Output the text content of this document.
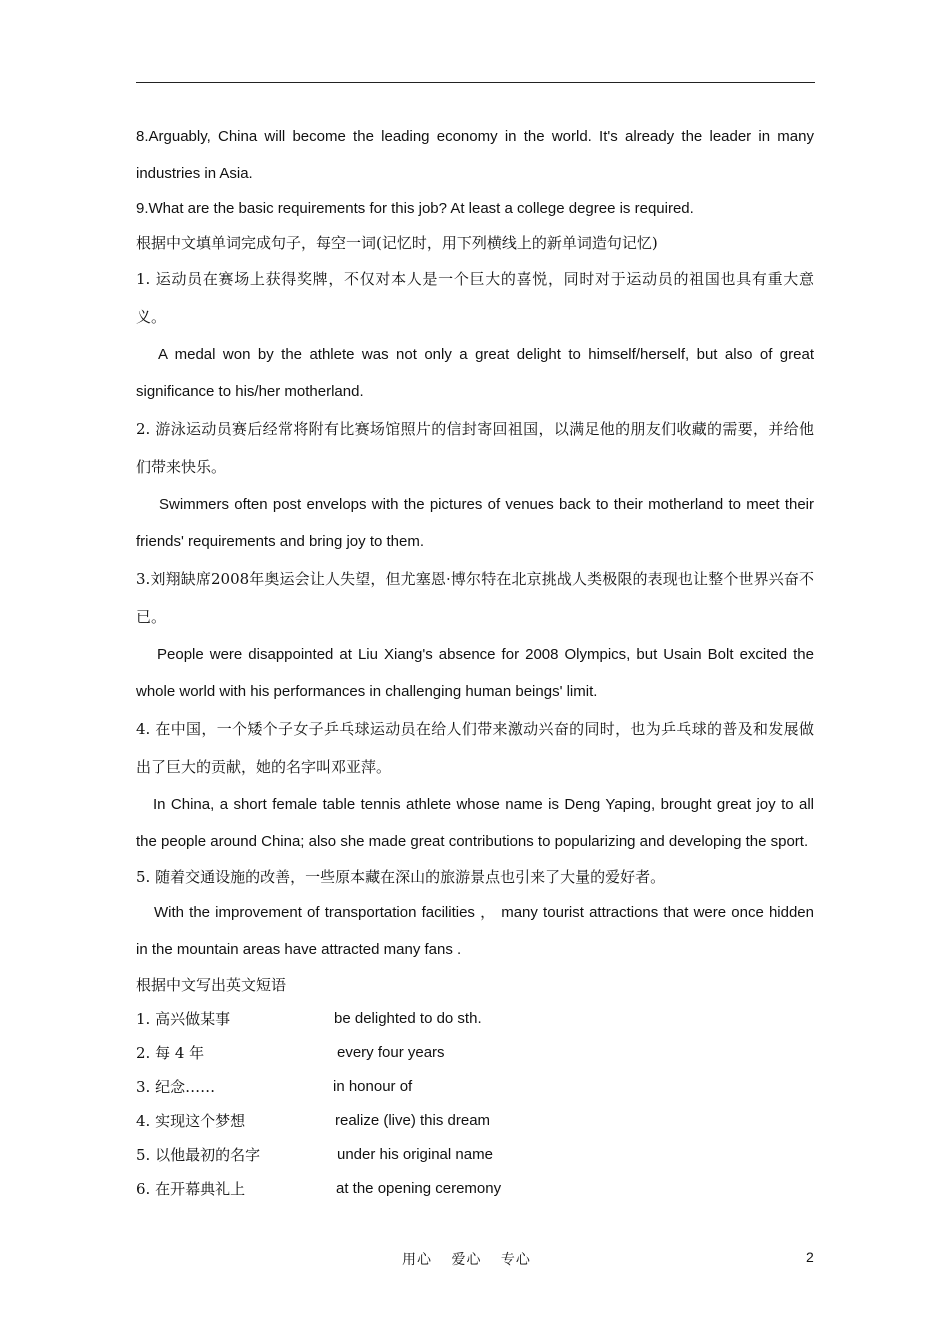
8.Arguably, China will become the leading economy in the world. It's already the leader in many industries in Asia.

9.What are the basic requirements for this job? At least a college degree is required.

根据中文填单词完成句子，每空一词(记忆时，用下列横线上的新单词造句记忆)

1. 运动员在赛场上获得奖牌，不仅对本人是一个巨大的喜悦，同时对于运动员的祖国也具有重大意义。

A medal won by the athlete was not only a great delight to himself/herself, but also of great significance to his/her motherland.

2. 游泳运动员赛后经常将附有比赛场馆照片的信封寄回祖国，以满足他的朋友们收藏的需要，并给他们带来快乐。

Swimmers often post envelops with the pictures of venues back to their motherland to meet their friends' requirements and bring joy to them.

3.刘翔缺席2008年奥运会让人失望，但尤塞恩·博尔特在北京挑战人类极限的表现也让整个世界兴奋不已。

People were disappointed at Liu Xiang's absence for 2008 Olympics, but Usain Bolt excited the whole world with his performances in challenging human beings' limit.

4. 在中国，一个矮个子女子乒乓球运动员在给人们带来激动兴奋的同时，也为乒乓球的普及和发展做出了巨大的贡献，她的名字叫邓亚萍。

In China, a short female table tennis athlete whose name is Deng Yaping, brought great joy to all the people around China; also she made great contributions to popularizing and developing the sport.

5. 随着交通设施的改善，一些原本藏在深山的旅游景点也引来了大量的爱好者。

With the improvement of transportation facilities ， many tourist attractions that were once hidden in the mountain areas have attracted many fans .

根据中文写出英文短语

1. 高兴做某事	be delighted to do sth.
2. 每 4 年	every four years
3. 纪念……	in honour of
4. 实现这个梦想	realize (live) this dream
5. 以他最初的名字	under his original name
6. 在开幕典礼上	at the opening ceremony
用心 爱心 专心	2
